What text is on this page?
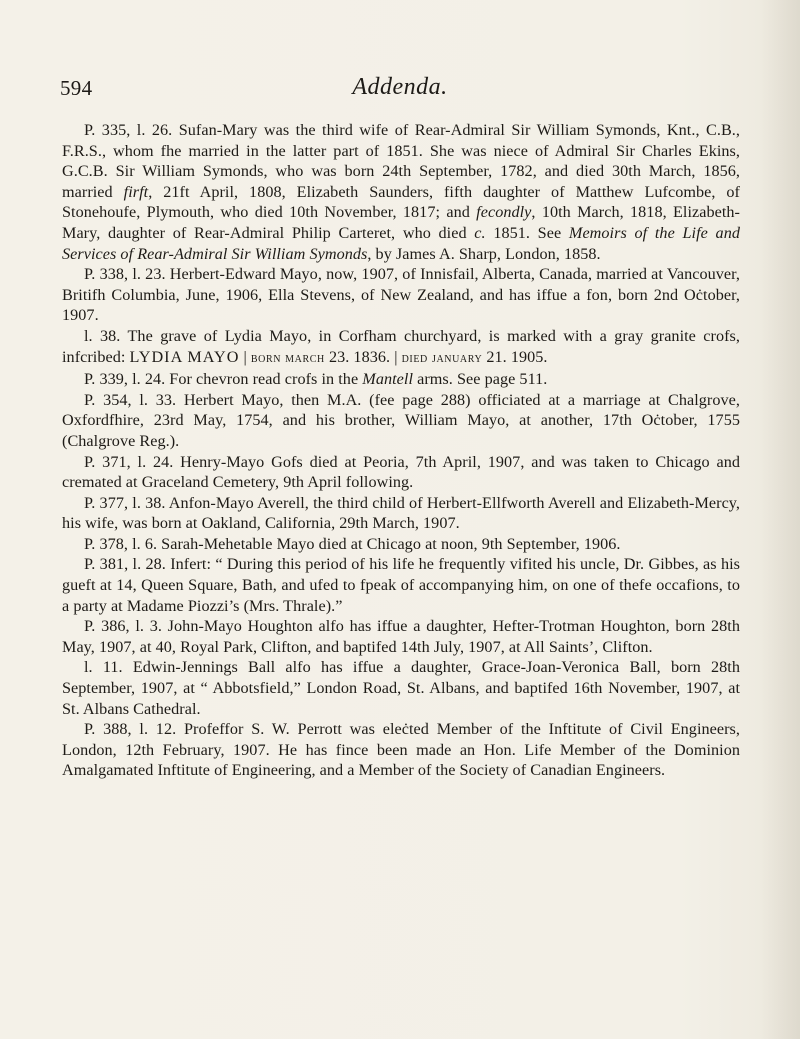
594	Addenda.

P. 335, l. 26. Sufan-Mary was the third wife of Rear-Admiral Sir William Symonds, Knt., C.B., F.R.S., whom fhe married in the latter part of 1851. She was niece of Admiral Sir Charles Ekins, G.C.B. Sir William Symonds, who was born 24th September, 1782, and died 30th March, 1856, married firft, 21ft April, 1808, Elizabeth Saunders, fifth daughter of Matthew Lufcombe, of Stonehoufe, Plymouth, who died 10th November, 1817; and fecondly, 10th March, 1818, Elizabeth-Mary, daughter of Rear-Admiral Philip Carteret, who died c. 1851. See Memoirs of the Life and Services of Rear-Admiral Sir William Symonds, by James A. Sharp, London, 1858.

P. 338, l. 23. Herbert-Edward Mayo, now, 1907, of Innisfail, Alberta, Canada, married at Vancouver, Britifh Columbia, June, 1906, Ella Stevens, of New Zealand, and has iffue a fon, born 2nd Oċtober, 1907.

l. 38. The grave of Lydia Mayo, in Corfham churchyard, is marked with a gray granite crofs, infcribed: LYDIA MAYO | born march 23. 1836. | died january 21. 1905.

P. 339, l. 24. For chevron read crofs in the Mantell arms. See page 511.

P. 354, l. 33. Herbert Mayo, then M.A. (fee page 288) officiated at a marriage at Chalgrove, Oxfordfhire, 23rd May, 1754, and his brother, William Mayo, at another, 17th Oċtober, 1755 (Chalgrove Reg.).

P. 371, l. 24. Henry-Mayo Gofs died at Peoria, 7th April, 1907, and was taken to Chicago and cremated at Graceland Cemetery, 9th April following.

P. 377, l. 38. Anfon-Mayo Averell, the third child of Herbert-Ellfworth Averell and Elizabeth-Mercy, his wife, was born at Oakland, California, 29th March, 1907.

P. 378, l. 6. Sarah-Mehetable Mayo died at Chicago at noon, 9th September, 1906.

P. 381, l. 28. Infert: “ During this period of his life he frequently vifited his uncle, Dr. Gibbes, as his gueft at 14, Queen Square, Bath, and ufed to fpeak of accompanying him, on one of thefe occafions, to a party at Madame Piozzi’s (Mrs. Thrale).”

P. 386, l. 3. John-Mayo Houghton alfo has iffue a daughter, Hefter-Trotman Houghton, born 28th May, 1907, at 40, Royal Park, Clifton, and baptifed 14th July, 1907, at All Saints’, Clifton.

l. 11. Edwin-Jennings Ball alfo has iffue a daughter, Grace-Joan-Veronica Ball, born 28th September, 1907, at “ Abbotsfield,” London Road, St. Albans, and baptifed 16th November, 1907, at St. Albans Cathedral.

P. 388, l. 12. Profeffor S. W. Perrott was eleċted Member of the Inftitute of Civil Engineers, London, 12th February, 1907. He has fince been made an Hon. Life Member of the Dominion Amalgamated Inftitute of Engineering, and a Member of the Society of Canadian Engineers.
